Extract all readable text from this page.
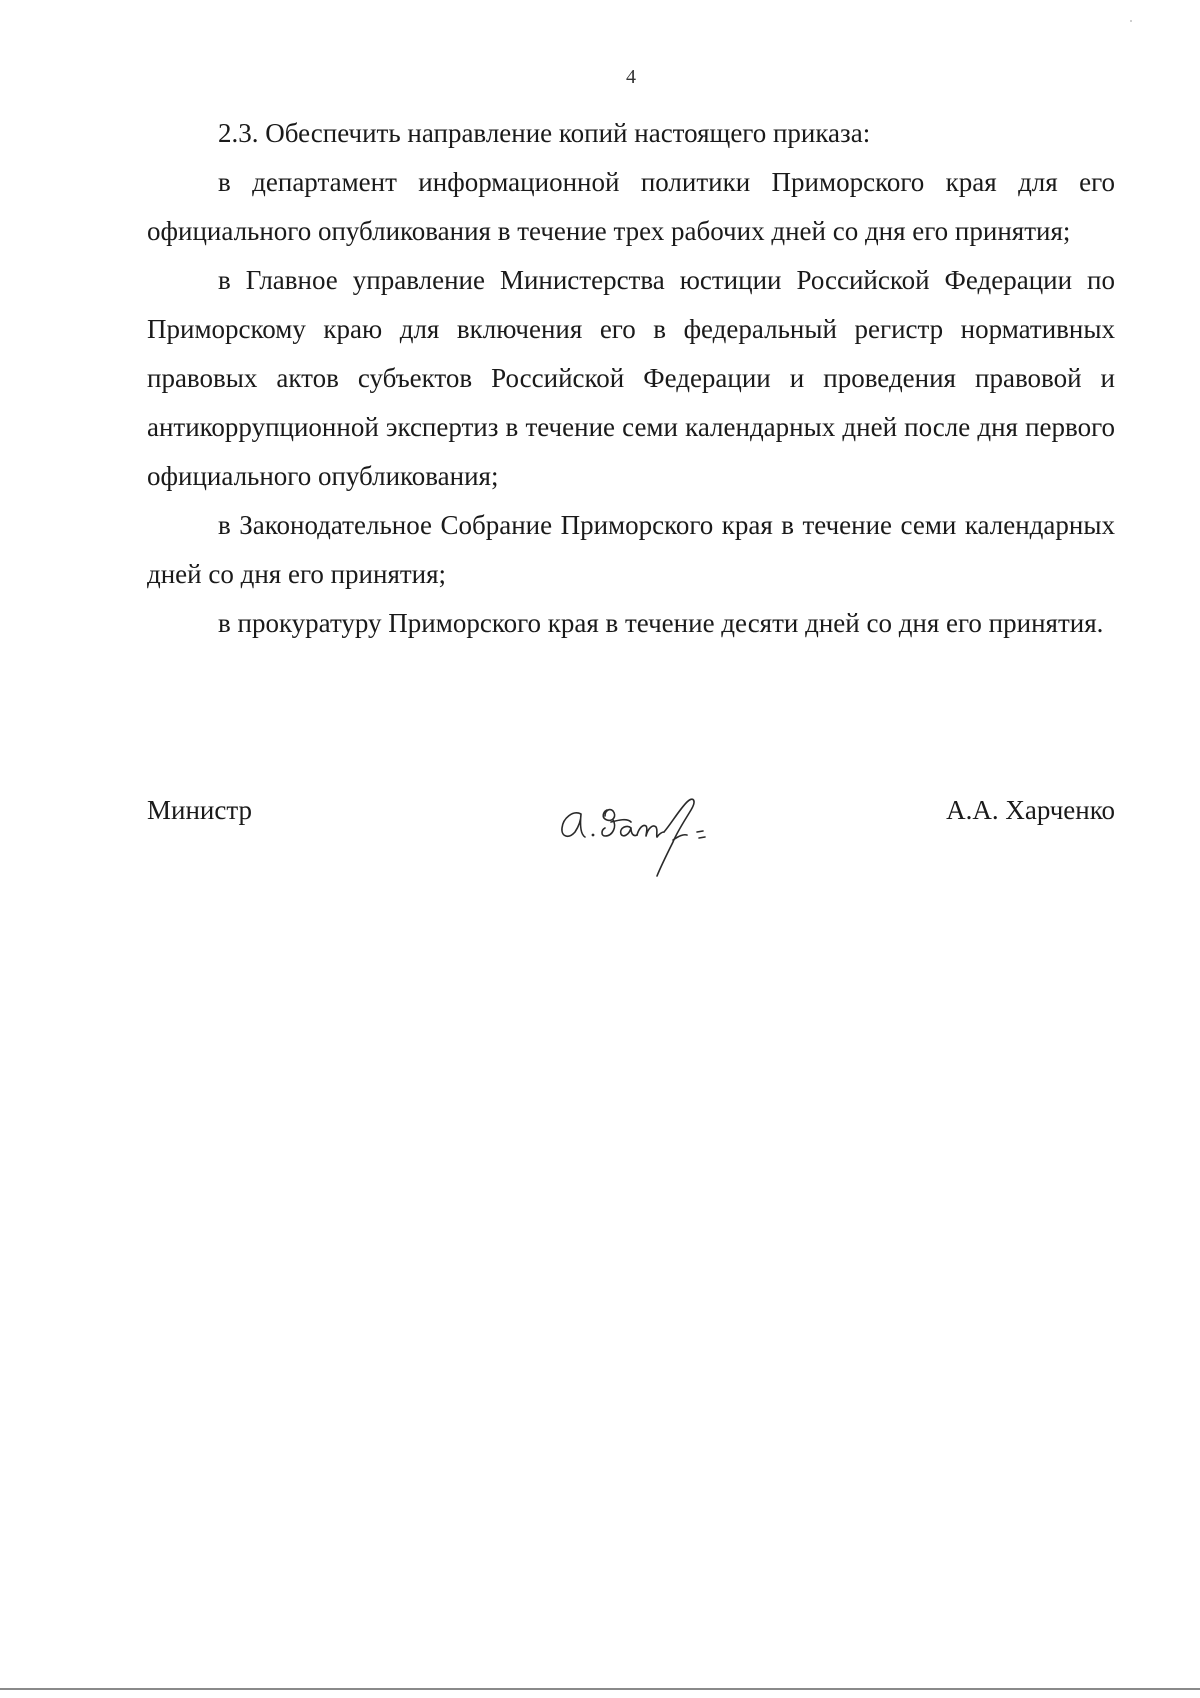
4

2.3. Обеспечить направление копий настоящего приказа:

в департамент информационной политики Приморского края для его официального опубликования в течение трех рабочих дней со дня его принятия;

в Главное управление Министерства юстиции Российской Федерации по Приморскому краю для включения его в федеральный регистр нормативных правовых актов субъектов Российской Федерации и проведения правовой и антикоррупционной экспертиз в течение семи календарных дней после дня первого официального опубликования;

в Законодательное Собрание Приморского края в течение семи календарных дней со дня его принятия;

в прокуратуру Приморского края в течение десяти дней со дня его принятия.

Министр	А.А. Харченко
